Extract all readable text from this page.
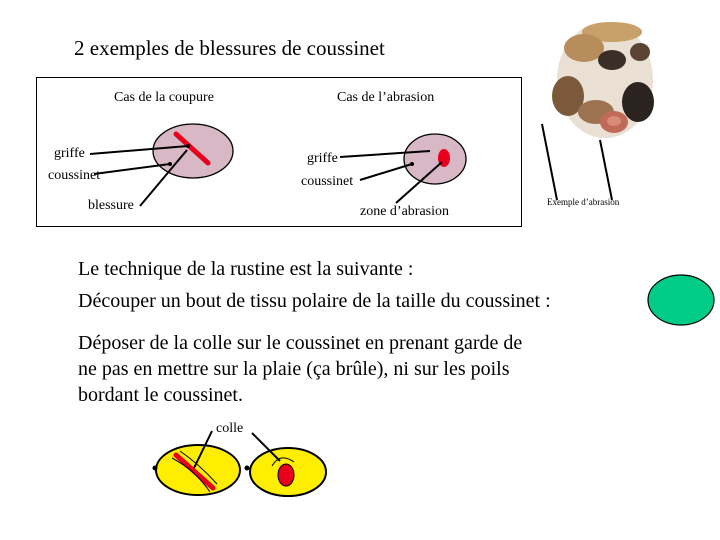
2 exemples de blessures de coussinet
Cas de la coupure	Cas de l’abrasion
griffe
coussinet
blessure
griffe
coussinet
zone d’abrasion
Exemple d’abrasion
Le technique de la rustine est la suivante :
Découper un bout de tissu polaire de la taille du coussinet :
Déposer de la colle sur le coussinet en prenant garde de
ne pas en mettre sur la plaie (ça brûle), ni sur les poils
bordant le coussinet.
colle
